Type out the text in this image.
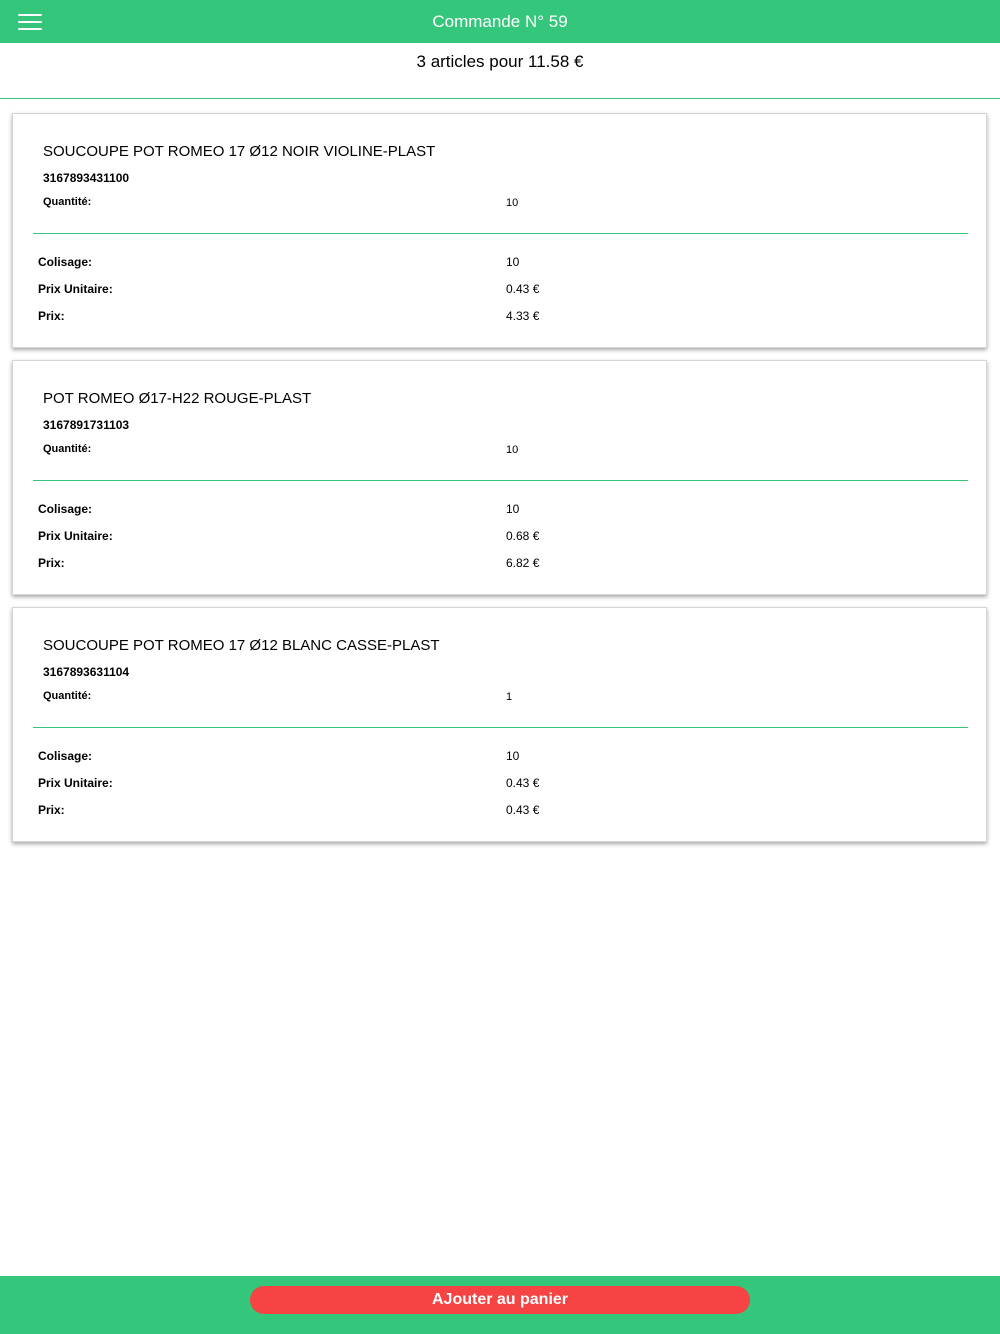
Commande N° 59
3 articles pour 11.58 €
SOUCOUPE POT ROMEO 17 Ø12 NOIR VIOLINE-PLAST
3167893431100
Quantité:	10
Colisage:	10
Prix Unitaire:	0.43 €
Prix:	4.33 €
POT ROMEO Ø17-H22 ROUGE-PLAST
3167891731103
Quantité:	10
Colisage:	10
Prix Unitaire:	0.68 €
Prix:	6.82 €
SOUCOUPE POT ROMEO 17 Ø12 BLANC CASSE-PLAST
3167893631104
Quantité:	1
Colisage:	10
Prix Unitaire:	0.43 €
Prix:	0.43 €
AJouter au panier
